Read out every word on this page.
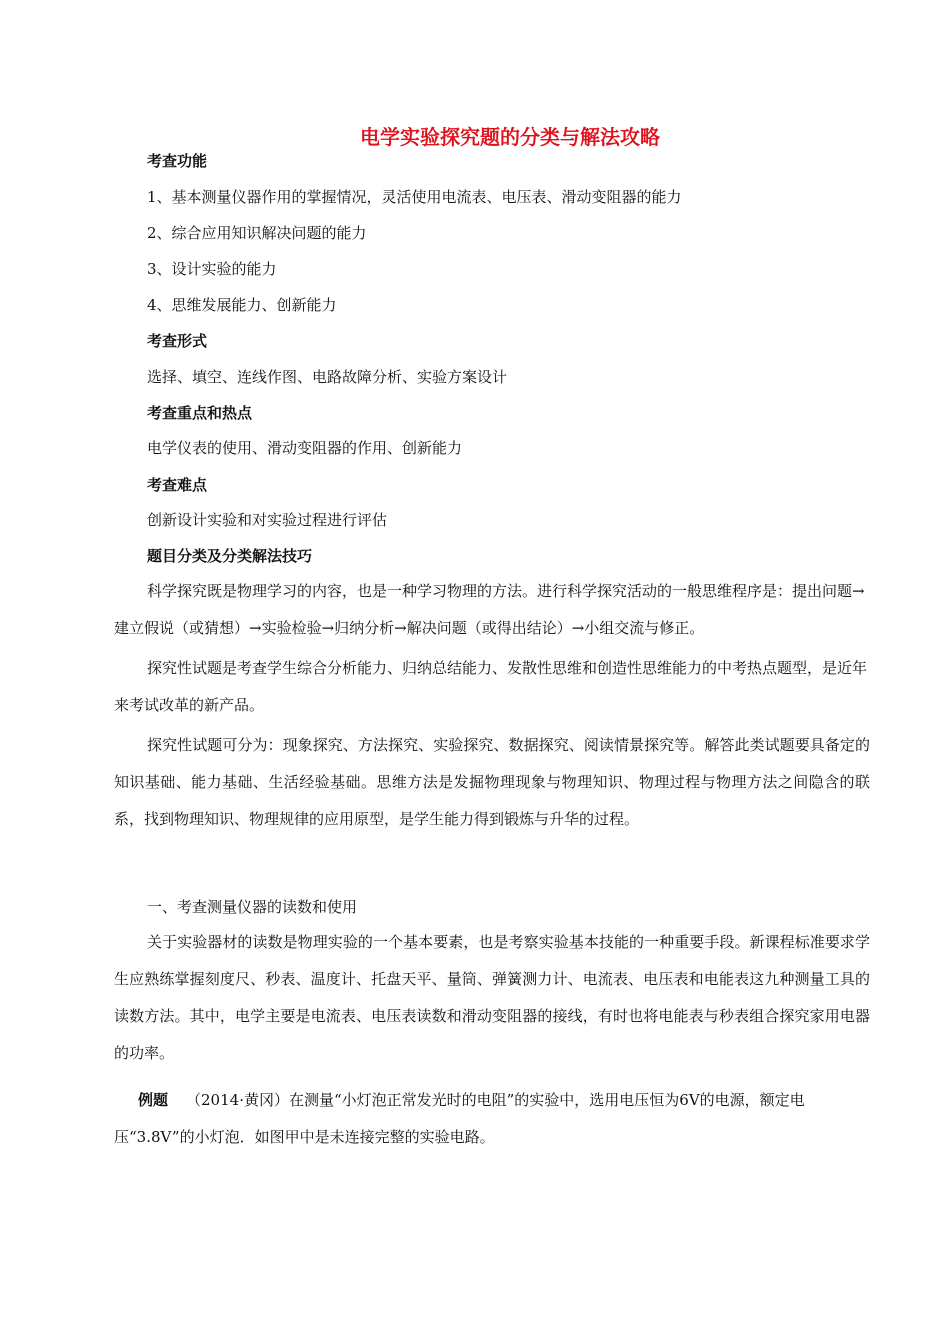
电学实验探究题的分类与解法攻略
考查功能
1、基本测量仪器作用的掌握情况，灵活使用电流表、电压表、滑动变阻器的能力
2、综合应用知识解决问题的能力
3、设计实验的能力
4、思维发展能力、创新能力
考查形式
选择、填空、连线作图、电路故障分析、实验方案设计
考查重点和热点
电学仪表的使用、滑动变阻器的作用、创新能力
考查难点
创新设计实验和对实验过程进行评估
题目分类及分类解法技巧

科学探究既是物理学习的内容，也是一种学习物理的方法。进行科学探究活动的一般思维程序是：提出问题→建立假说（或猜想）→实验检验→归纳分析→解决问题（或得出结论）→小组交流与修正。

探究性试题是考查学生综合分析能力、归纳总结能力、发散性思维和创造性思维能力的中考热点题型，是近年来考试改革的新产品。

探究性试题可分为：现象探究、方法探究、实验探究、数据探究、阅读情景探究等。解答此类试题要具备定的知识基础、能力基础、生活经验基础。思维方法是发掘物理现象与物理知识、物理过程与物理方法之间隐含的联系，找到物理知识、物理规律的应用原型，是学生能力得到锻炼与升华的过程。

一、考查测量仪器的读数和使用

关于实验器材的读数是物理实验的一个基本要素，也是考察实验基本技能的一种重要手段。新课程标准要求学生应熟练掌握刻度尺、秒表、温度计、托盘天平、量筒、弹簧测力计、电流表、电压表和电能表这九种测量工具的读数方法。其中，电学主要是电流表、电压表读数和滑动变阻器的接线，有时也将电能表与秒表组合探究家用电器的功率。

例题 （2014·黄冈）在测量“小灯泡正常发光时的电阻”的实验中，选用电压恒为6V的电源，额定电压“3.8V”的小灯泡．如图甲中是未连接完整的实验电路。
